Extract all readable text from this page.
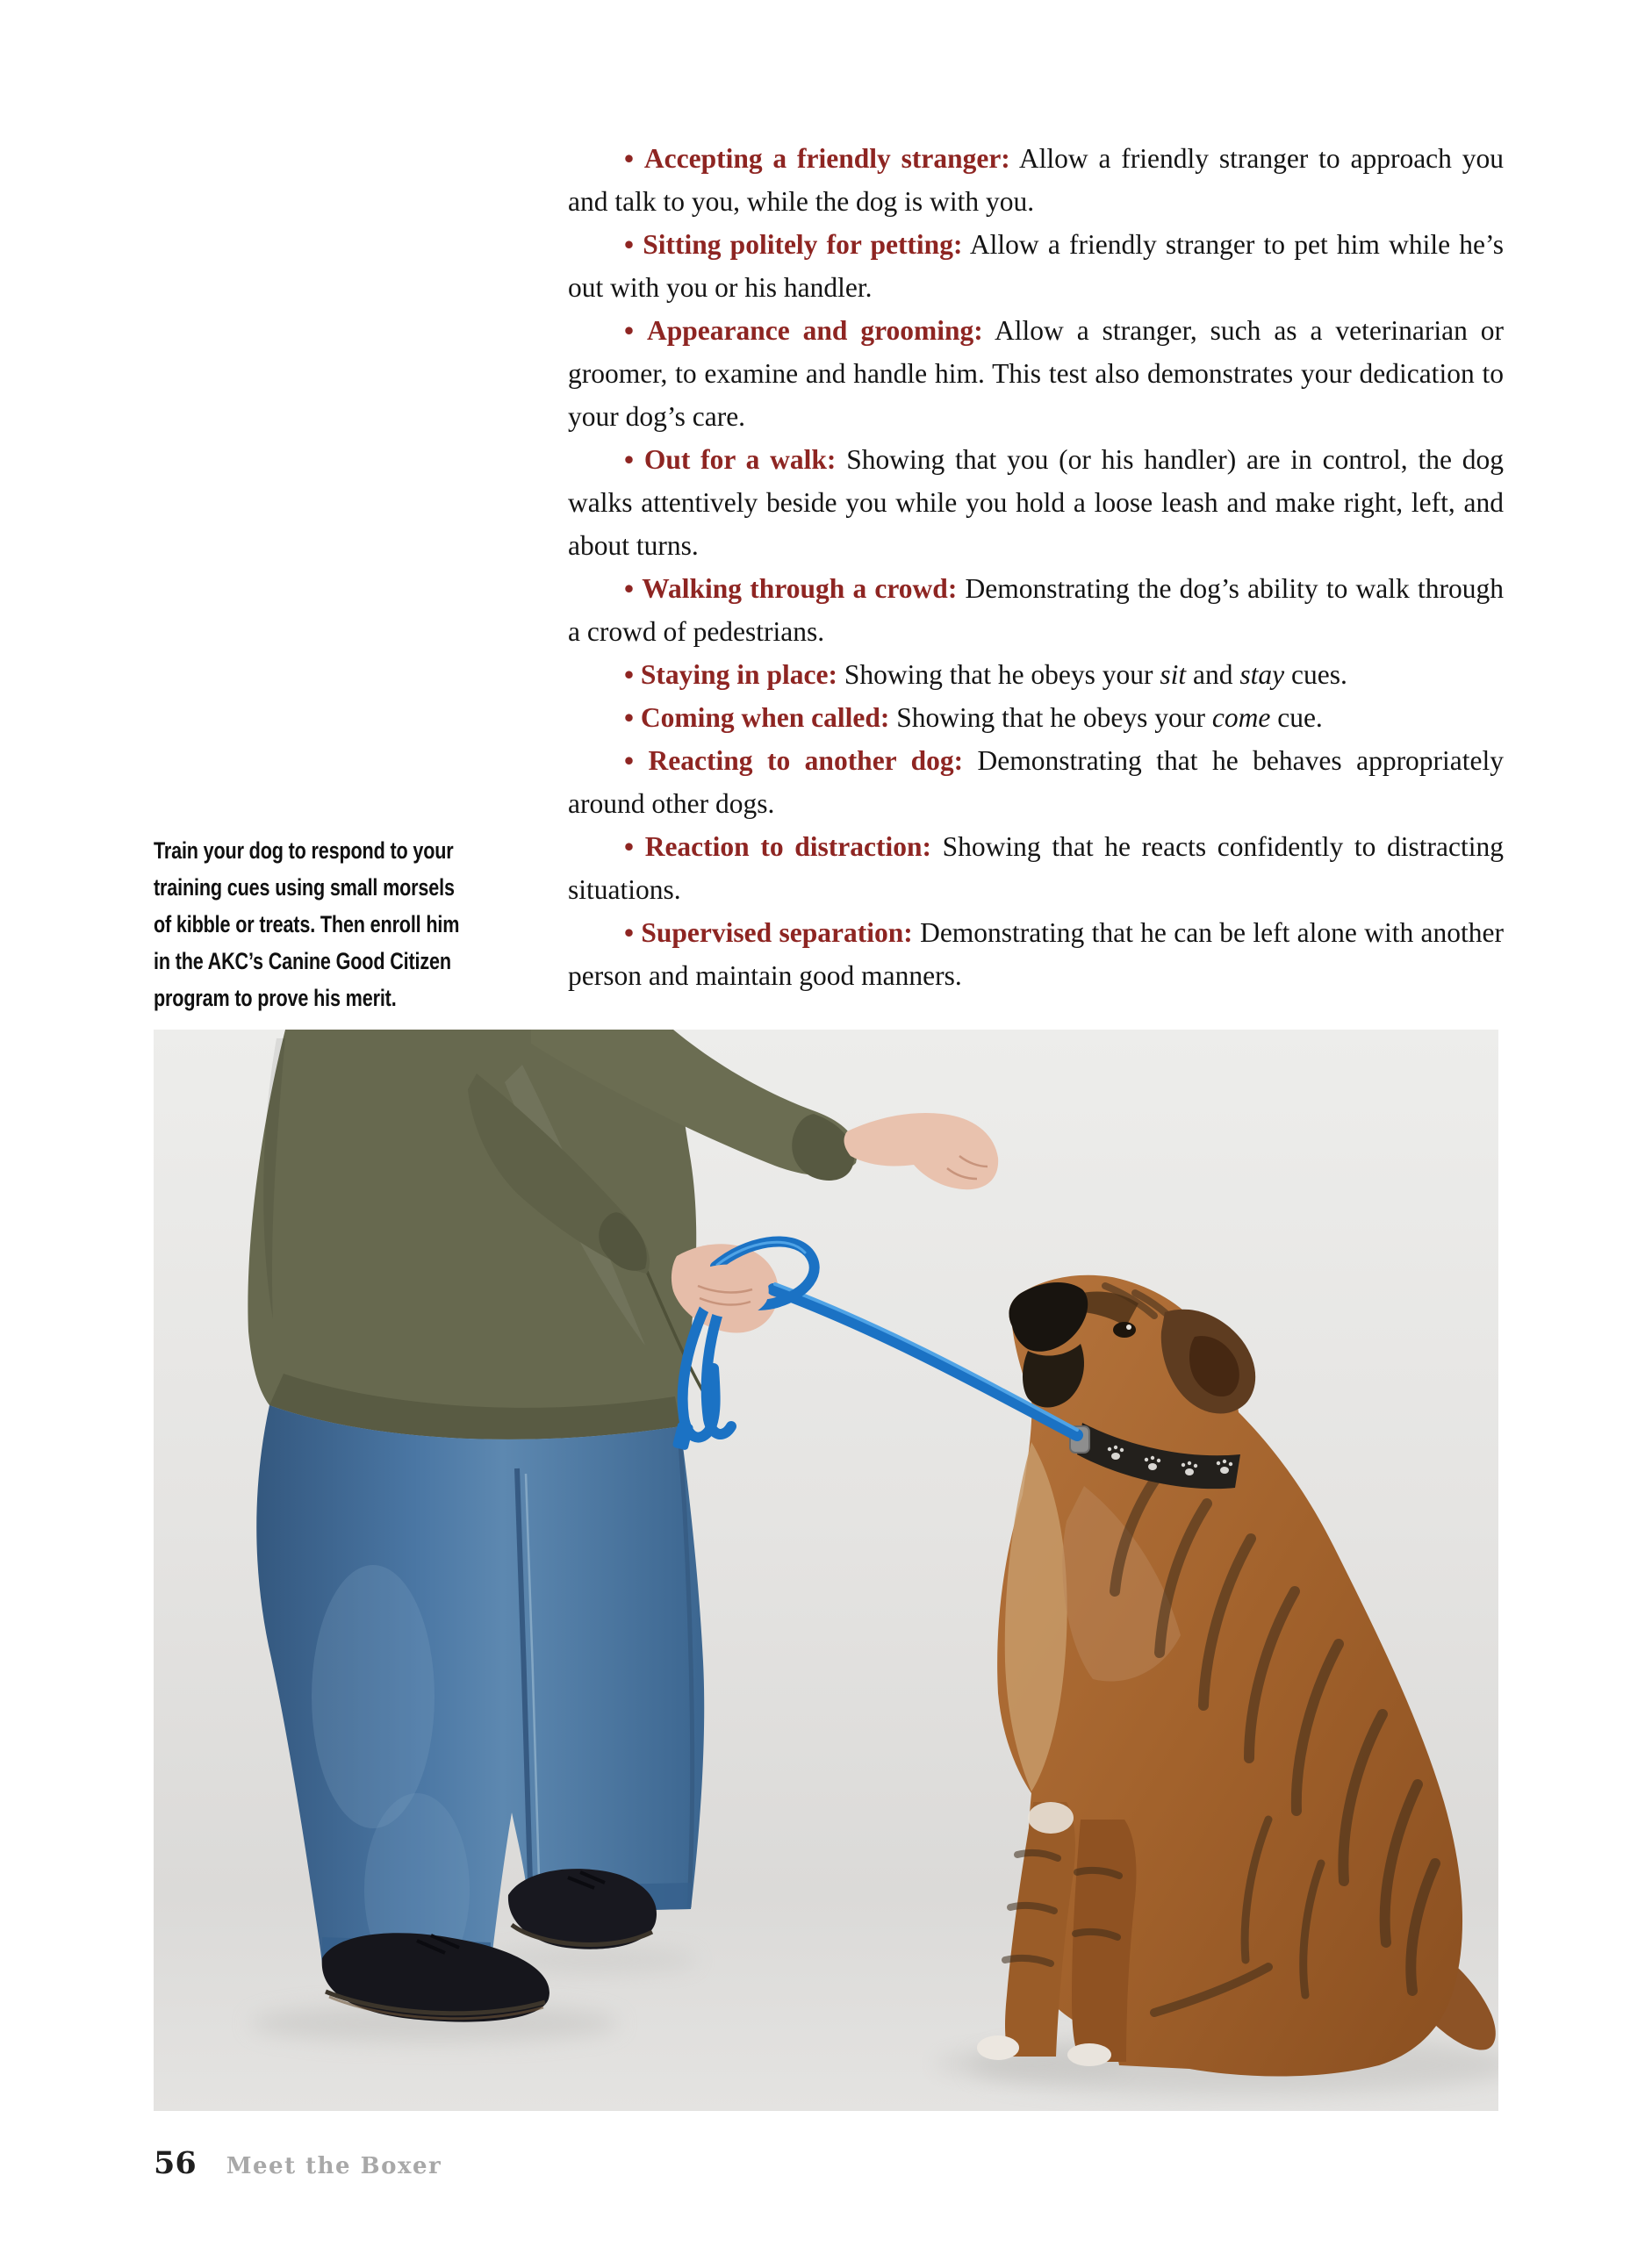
• Accepting a friendly stranger: Allow a friendly stranger to approach you and talk to you, while the dog is with you.

• Sitting politely for petting: Allow a friendly stranger to pet him while he’s out with you or his handler.

• Appearance and grooming: Allow a stranger, such as a veterinarian or groomer, to examine and handle him. This test also demonstrates your dedication to your dog’s care.

• Out for a walk: Showing that you (or his handler) are in control, the dog walks attentively beside you while you hold a loose leash and make right, left, and about turns.

• Walking through a crowd: Demonstrating the dog’s ability to walk through a crowd of pedestrians.

• Staying in place: Showing that he obeys your sit and stay cues.

• Coming when called: Showing that he obeys your come cue.

• Reacting to another dog: Demonstrating that he behaves appropriately around other dogs.

• Reaction to distraction: Showing that he reacts confidently to distracting situations.

• Supervised separation: Demonstrating that he can be left alone with another person and maintain good manners.

Train your dog to respond to your
training cues using small morsels
of kibble or treats. Then enroll him
in the AKC’s Canine Good Citizen
program to prove his merit.
56 Meet the Boxer
